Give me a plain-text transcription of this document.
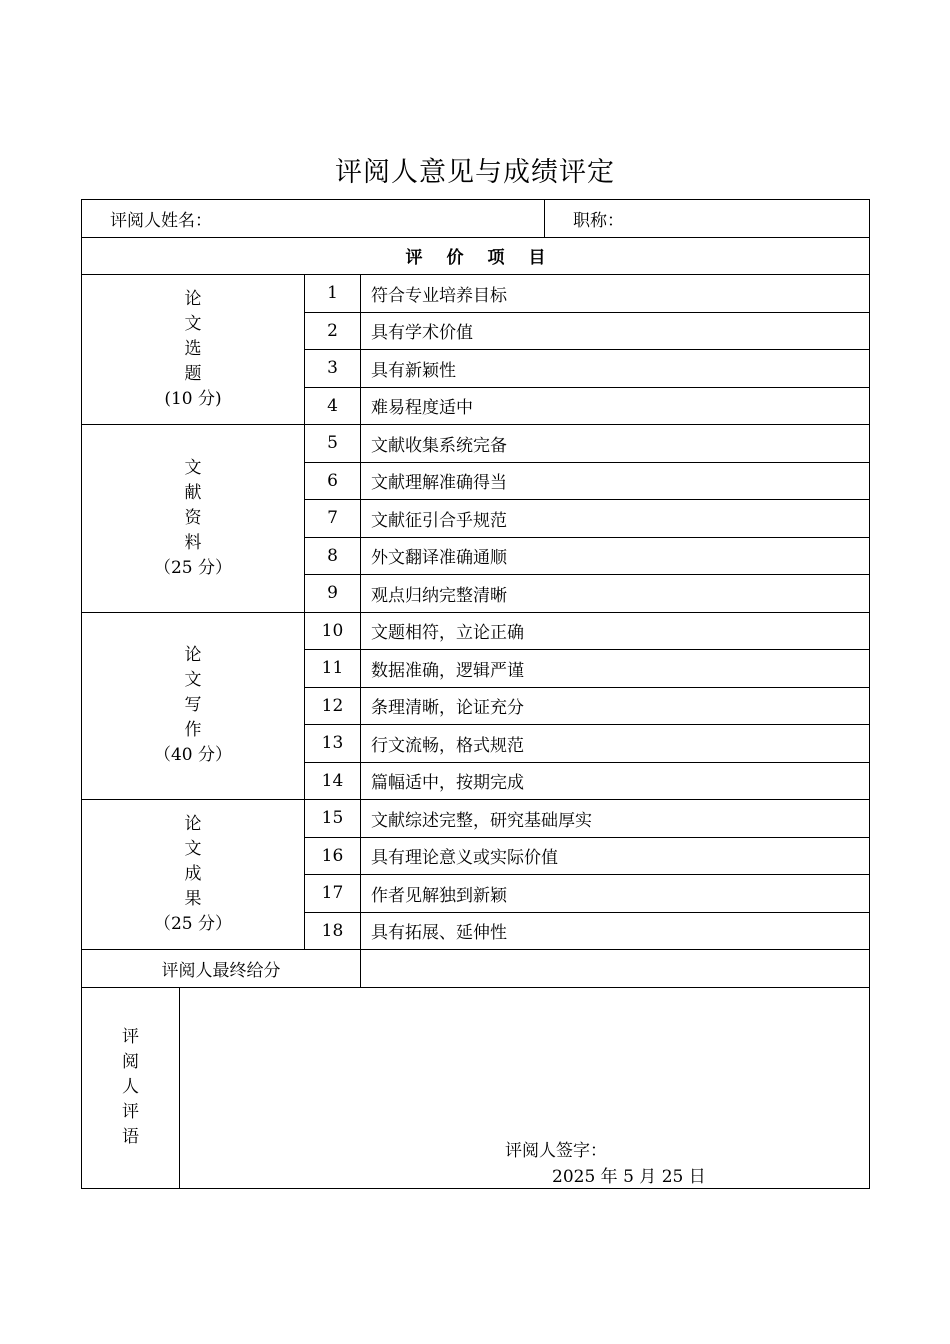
评阅人意见与成绩评定
评阅人姓名：				职称：
评 价 项 目				

论
文
选
题
(10 分)		1	符合专业培养目标	
		2	具有学术价值	
		3	具有新颖性	
		4	难易程度适中	

文
献
资
料
（25 分）		5	文献收集系统完备	
		6	文献理解准确得当	
		7	文献征引合乎规范	
		8	外文翻译准确通顺	
		9	观点归纳完整清晰	

论
文
写
作
（40 分）		10	文题相符，立论正确	
		11	数据准确，逻辑严谨	
		12	条理清晰，论证充分	
		13	行文流畅，格式规范	
		14	篇幅适中，按期完成	

论
文
成
果
（25 分）		15	文献综述完整，研究基础厚实	
		16	具有理论意义或实际价值	
		17	作者见解独到新颖	
		18	具有拓展、延伸性	
评阅人最终给分				

评
阅
人
评
语	评阅人签字：
2025 年 5 月 25 日			
